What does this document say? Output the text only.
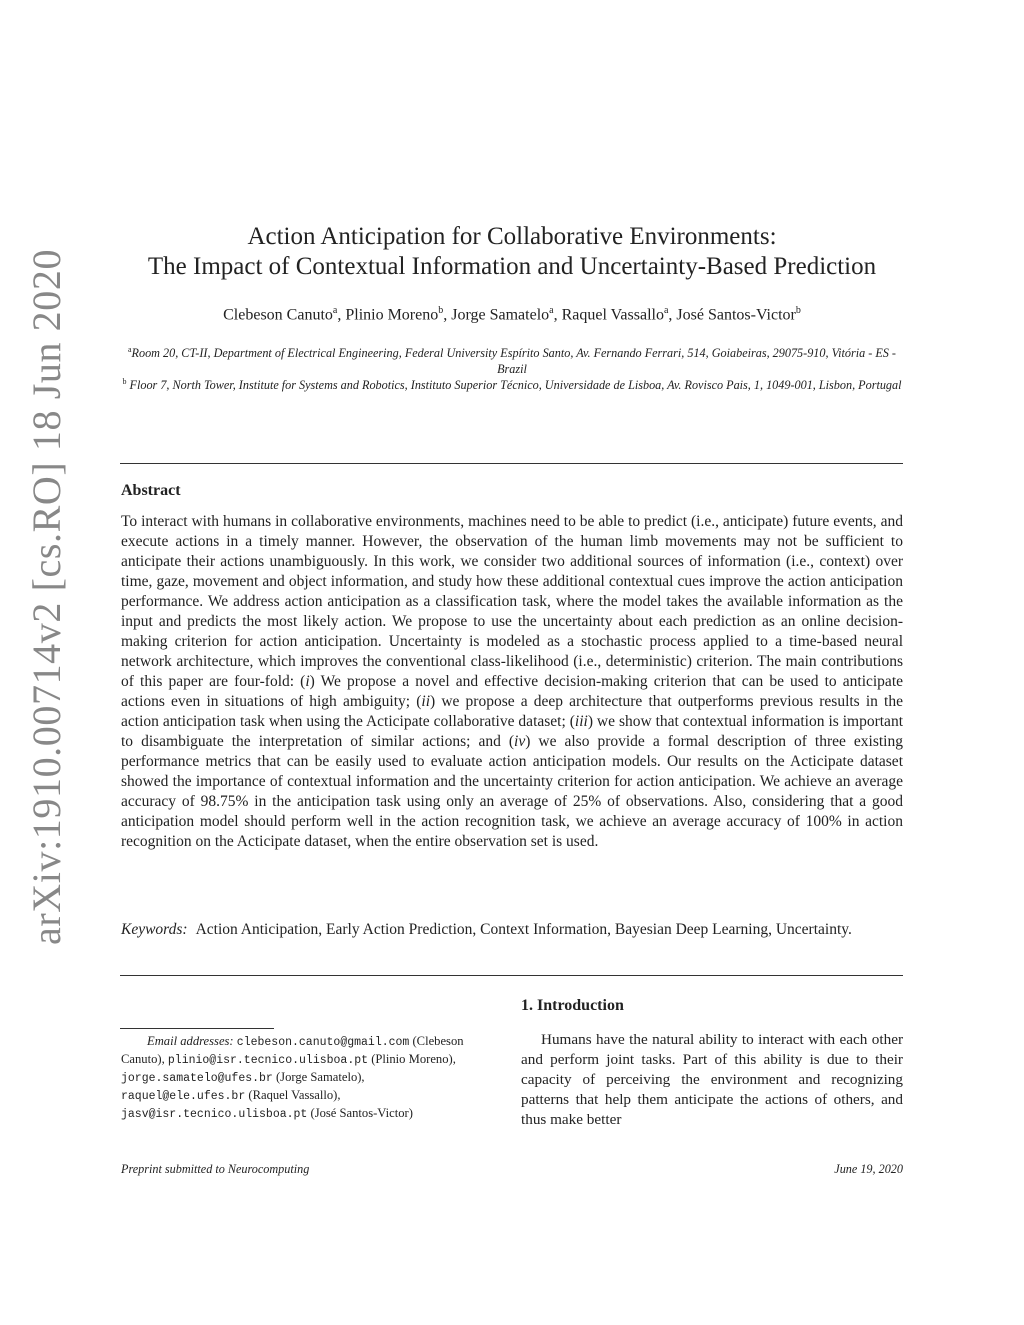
arXiv:1910.00714v2 [cs.RO] 18 Jun 2020
Action Anticipation for Collaborative Environments:
The Impact of Contextual Information and Uncertainty-Based Prediction
Clebeson Canuto$^a$, Plinio Moreno$^b$, Jorge Samatelo$^a$, Raquel Vassallo$^a$, José Santos-Victor$^b$
$^a$Room 20, CT-II, Department of Electrical Engineering, Federal University Espírito Santo, Av. Fernando Ferrari, 514, Goiabeiras, 29075-910, Vitória - ES - Brazil
$^b$ Floor 7, North Tower, Institute for Systems and Robotics, Instituto Superior Técnico, Universidade de Lisboa, Av. Rovisco Pais, 1, 1049-001, Lisbon, Portugal
Abstract
To interact with humans in collaborative environments, machines need to be able to predict (i.e., anticipate) future events, and execute actions in a timely manner. However, the observation of the human limb movements may not be sufficient to anticipate their actions unambiguously. In this work, we consider two additional sources of information (i.e., context) over time, gaze, movement and object information, and study how these additional contextual cues improve the action anticipation performance. We address action anticipation as a classification task, where the model takes the available information as the input and predicts the most likely action. We propose to use the uncertainty about each prediction as an online decision-making criterion for action anticipation. Uncertainty is modeled as a stochastic process applied to a time-based neural network architecture, which improves the conventional class-likelihood (i.e., deterministic) criterion. The main contributions of this paper are four-fold: (i) We propose a novel and effective decision-making criterion that can be used to anticipate actions even in situations of high ambiguity; (ii) we propose a deep architecture that outperforms previous results in the action anticipation task when using the Acticipate collaborative dataset; (iii) we show that contextual information is important to disambiguate the interpretation of similar actions; and (iv) we also provide a formal description of three existing performance metrics that can be easily used to evaluate action anticipation models. Our results on the Acticipate dataset showed the importance of contextual information and the uncertainty criterion for action anticipation. We achieve an average accuracy of 98.75% in the anticipation task using only an average of 25% of observations. Also, considering that a good anticipation model should perform well in the action recognition task, we achieve an average accuracy of 100% in action recognition on the Acticipate dataset, when the entire observation set is used.
Keywords: Action Anticipation, Early Action Prediction, Context Information, Bayesian Deep Learning, Uncertainty.
1. Introduction
Humans have the natural ability to interact with each other and perform joint tasks. Part of this ability is due to their capacity of perceiving the environment and recognizing patterns that help them anticipate the actions of others, and thus make better
Email addresses: clebeson.canuto@gmail.com (Clebeson Canuto), plinio@isr.tecnico.ulisboa.pt (Plinio Moreno),
jorge.samatelo@ufes.br (Jorge Samatelo),
raquel@ele.ufes.br (Raquel Vassallo),
jasv@isr.tecnico.ulisboa.pt (José Santos-Victor)
Preprint submitted to Neurocomputing	June 19, 2020
